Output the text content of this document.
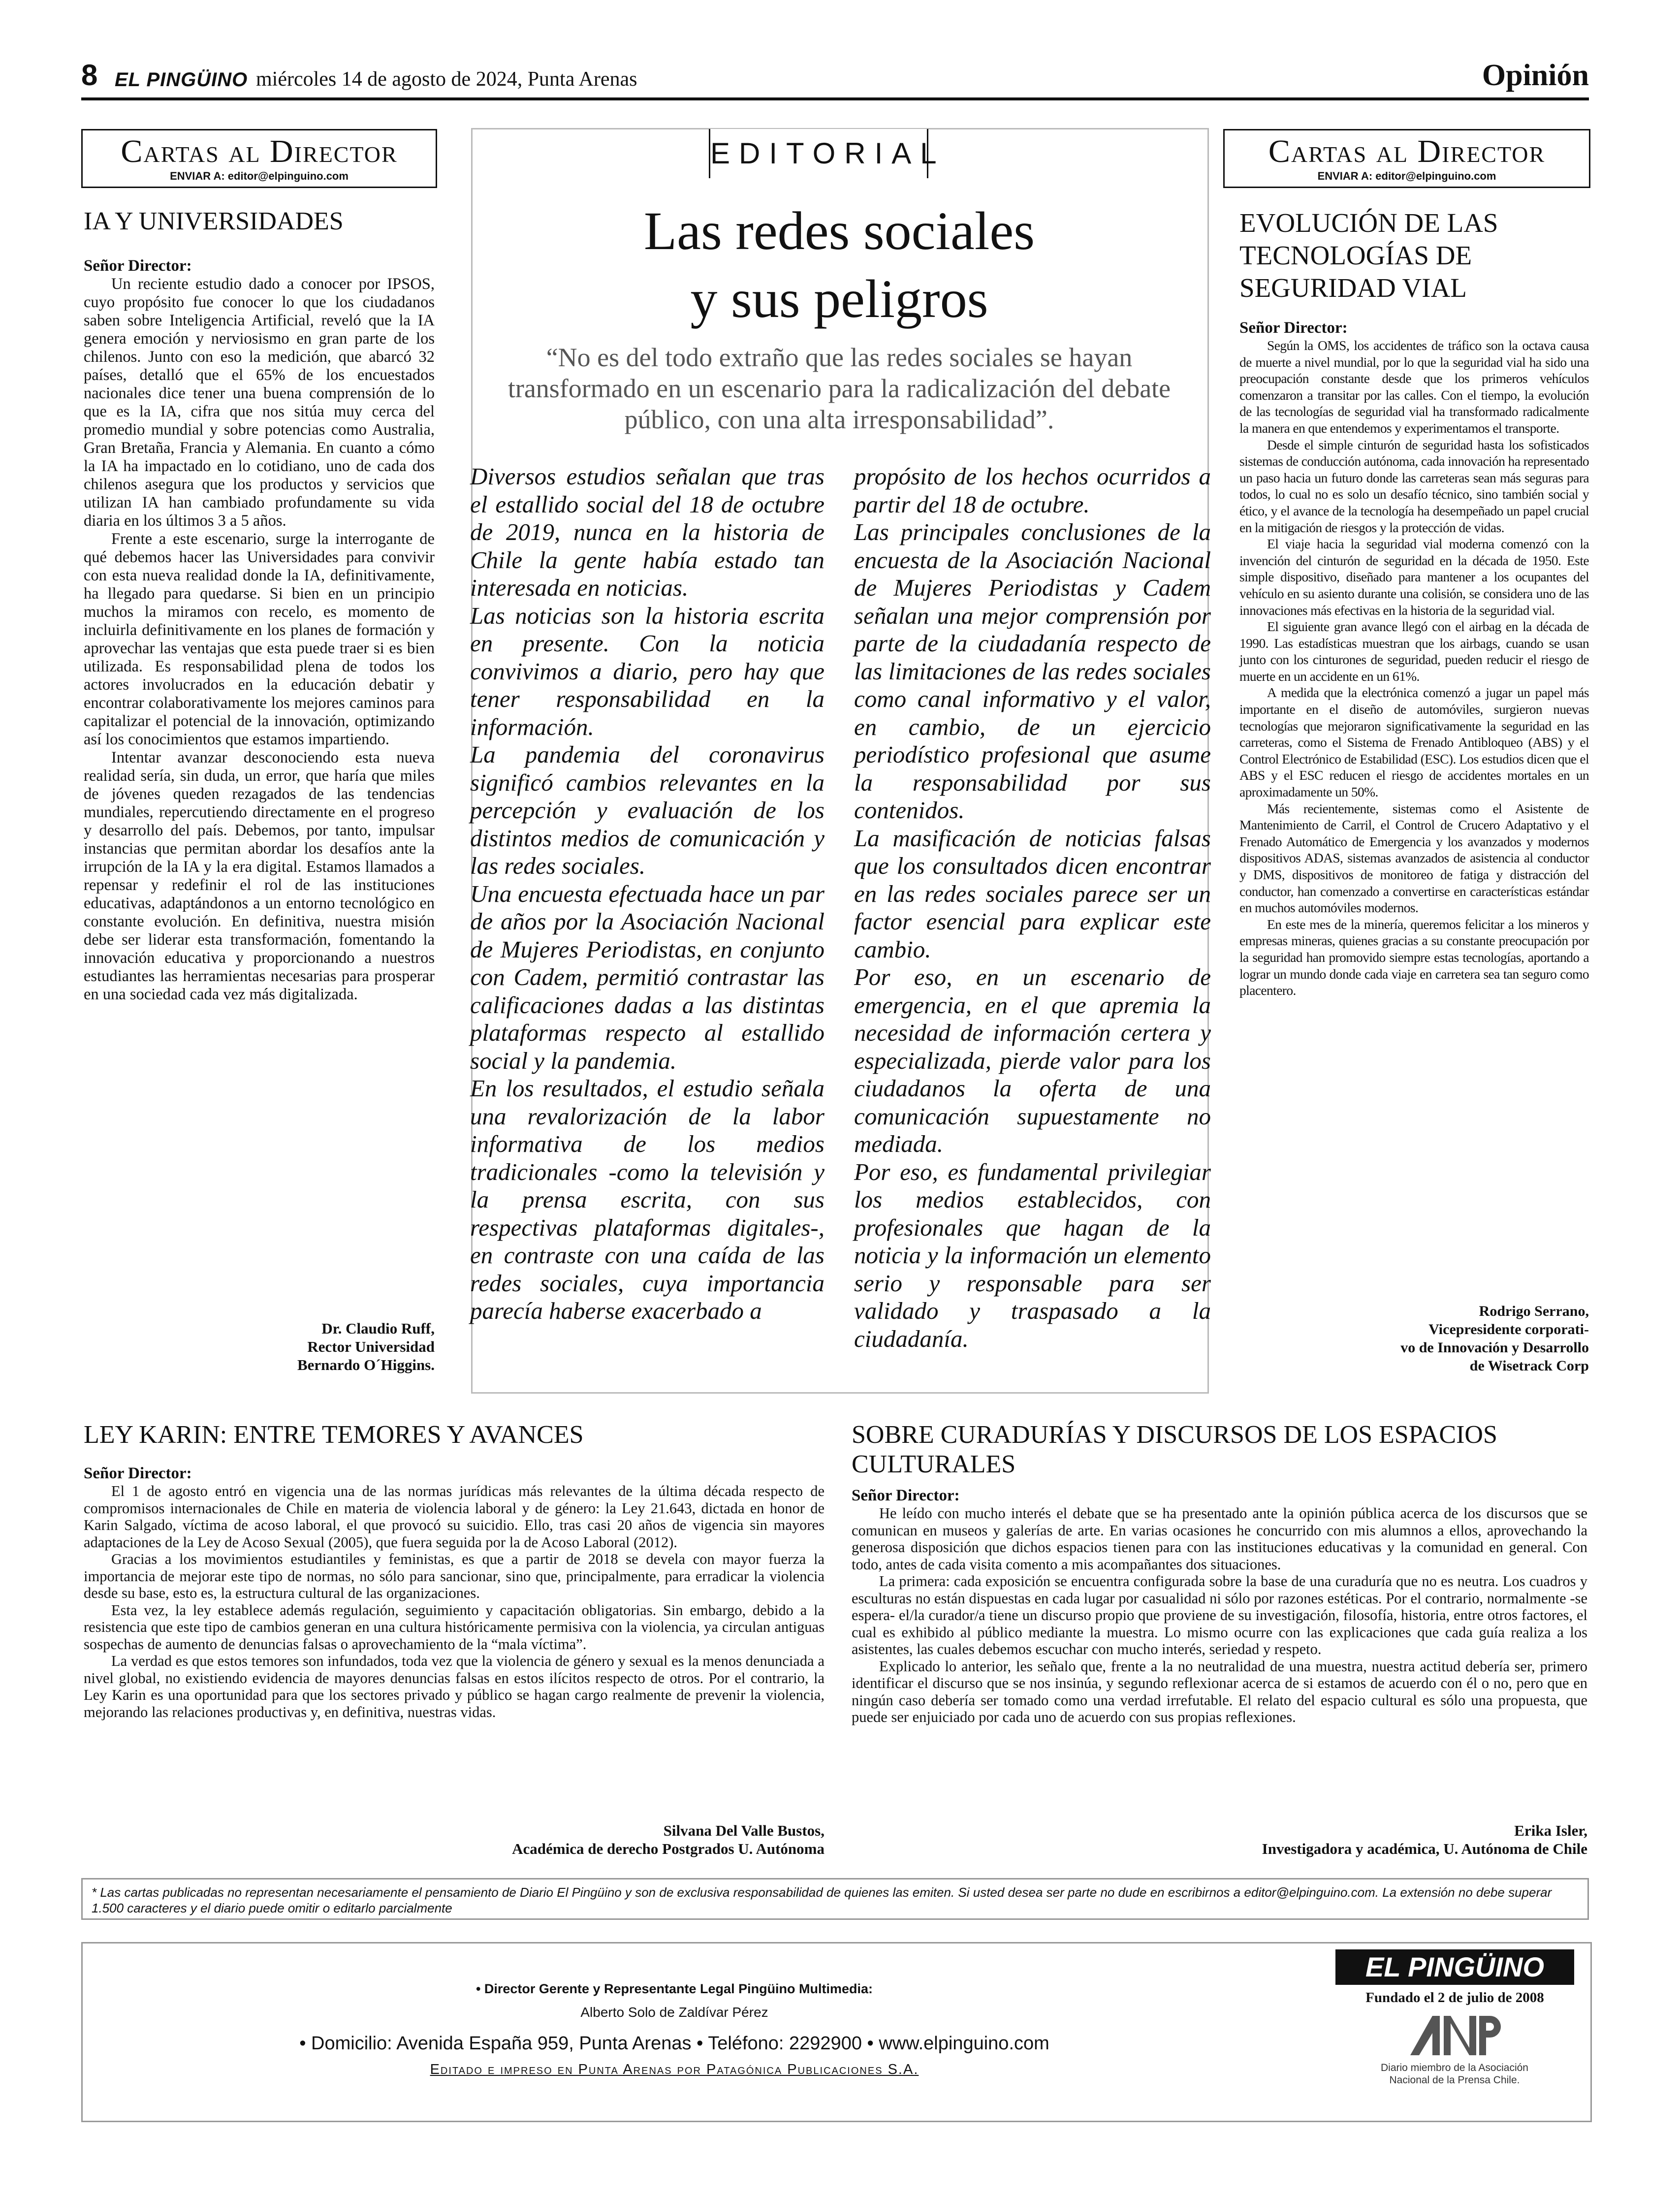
8 EL PINGÜINO miércoles 14 de agosto de 2024, Punta Arenas	Opinión
Cartas al Director
ENVIAR A: editor@elpinguino.com
IA Y UNIVERSIDADES
Señor Director:

Un reciente estudio dado a conocer por IPSOS, cuyo propósito fue conocer lo que los ciudadanos saben sobre Inteligencia Artificial, reveló que la IA genera emoción y nerviosismo en gran parte de los chilenos. Junto con eso la medición, que abarcó 32 países, detalló que el 65% de los encuestados nacionales dice tener una buena comprensión de lo que es la IA, cifra que nos sitúa muy cerca del promedio mundial y sobre potencias como Australia, Gran Bretaña, Francia y Alemania. En cuanto a cómo la IA ha impactado en lo cotidiano, uno de cada dos chilenos asegura que los productos y servicios que utilizan IA han cambiado profundamente su vida diaria en los últimos 3 a 5 años.

Frente a este escenario, surge la interrogante de qué debemos hacer las Universidades para convivir con esta nueva realidad donde la IA, definitivamente, ha llegado para quedarse. Si bien en un principio muchos la miramos con recelo, es momento de incluirla definitivamente en los planes de formación y aprovechar las ventajas que esta puede traer si es bien utilizada. Es responsabilidad plena de todos los actores involucrados en la educación debatir y encontrar colaborativamente los mejores caminos para capitalizar el potencial de la innovación, optimizando así los conocimientos que estamos impartiendo.

Intentar avanzar desconociendo esta nueva realidad sería, sin duda, un error, que haría que miles de jóvenes queden rezagados de las tendencias mundiales, repercutiendo directamente en el progreso y desarrollo del país. Debemos, por tanto, impulsar instancias que permitan abordar los desafíos ante la irrupción de la IA y la era digital. Estamos llamados a repensar y redefinir el rol de las instituciones educativas, adaptándonos a un entorno tecnológico en constante evolución. En definitiva, nuestra misión debe ser liderar esta transformación, fomentando la innovación educativa y proporcionando a nuestros estudiantes las herramientas necesarias para prosperar en una sociedad cada vez más digitalizada.

Dr. Claudio Ruff,
Rector Universidad
Bernardo O´Higgins.
EDITORIAL
Las redes sociales
y sus peligros
“No es del todo extraño que las redes sociales se hayan transformado en un escenario para la radicalización del debate público, con una alta irresponsabilidad”.

Diversos estudios señalan que tras el estallido social del 18 de octubre de 2019, nunca en la historia de Chile la gente había estado tan interesada en noticias.

Las noticias son la historia escrita en presente. Con la noticia convivimos a diario, pero hay que tener responsabilidad en la información.

La pandemia del coronavirus significó cambios relevantes en la percepción y evaluación de los distintos medios de comunicación y las redes sociales.

Una encuesta efectuada hace un par de años por la Asociación Nacional de Mujeres Periodistas, en conjunto con Cadem, permitió contrastar las calificaciones dadas a las distintas plataformas respecto al estallido social y la pandemia.

En los resultados, el estudio señala una revalorización de la labor informativa de los medios tradicionales -como la televisión y la prensa escrita, con sus respectivas plataformas digitales-, en contraste con una caída de las redes sociales, cuya importancia parecía haberse exacerbado a

propósito de los hechos ocurridos a partir del 18 de octubre.

Las principales conclusiones de la encuesta de la Asociación Nacional de Mujeres Periodistas y Cadem señalan una mejor comprensión por parte de la ciudadanía respecto de las limitaciones de las redes sociales como canal informativo y el valor, en cambio, de un ejercicio periodístico profesional que asume la responsabilidad por sus contenidos.

La masificación de noticias falsas que los consultados dicen encontrar en las redes sociales parece ser un factor esencial para explicar este cambio.

Por eso, en un escenario de emergencia, en el que apremia la necesidad de información certera y especializada, pierde valor para los ciudadanos la oferta de una comunicación supuestamente no mediada.

Por eso, es fundamental privilegiar los medios establecidos, con profesionales que hagan de la noticia y la información un elemento serio y responsable para ser validado y traspasado a la ciudadanía.

Cartas al Director
ENVIAR A: editor@elpinguino.com
EVOLUCIÓN DE LAS
TECNOLOGÍAS DE
SEGURIDAD VIAL
Señor Director:

Según la OMS, los accidentes de tráfico son la octava causa de muerte a nivel mundial, por lo que la seguridad vial ha sido una preocupación constante desde que los primeros vehículos comenzaron a transitar por las calles. Con el tiempo, la evolución de las tecnologías de seguridad vial ha transformado radicalmente la manera en que entendemos y experimentamos el transporte.

Desde el simple cinturón de seguridad hasta los sofisticados sistemas de conducción autónoma, cada innovación ha representado un paso hacia un futuro donde las carreteras sean más seguras para todos, lo cual no es solo un desafío técnico, sino también social y ético, y el avance de la tecnología ha desempeñado un papel crucial en la mitigación de riesgos y la protección de vidas.

El viaje hacia la seguridad vial moderna comenzó con la invención del cinturón de seguridad en la década de 1950. Este simple dispositivo, diseñado para mantener a los ocupantes del vehículo en su asiento durante una colisión, se considera uno de las innovaciones más efectivas en la historia de la seguridad vial.

El siguiente gran avance llegó con el airbag en la década de 1990. Las estadísticas muestran que los airbags, cuando se usan junto con los cinturones de seguridad, pueden reducir el riesgo de muerte en un accidente en un 61%.

A medida que la electrónica comenzó a jugar un papel más importante en el diseño de automóviles, surgieron nuevas tecnologías que mejoraron significativamente la seguridad en las carreteras, como el Sistema de Frenado Antibloqueo (ABS) y el Control Electrónico de Estabilidad (ESC). Los estudios dicen que el ABS y el ESC reducen el riesgo de accidentes mortales en un aproximadamente un 50%.

Más recientemente, sistemas como el Asistente de Mantenimiento de Carril, el Control de Crucero Adaptativo y el Frenado Automático de Emergencia y los avanzados y modernos dispositivos ADAS, sistemas avanzados de asistencia al conductor y DMS, dispositivos de monitoreo de fatiga y distracción del conductor, han comenzado a convertirse en características estándar en muchos automóviles modernos.

En este mes de la minería, queremos felicitar a los mineros y empresas mineras, quienes gracias a su constante preocupación por la seguridad han promovido siempre estas tecnologías, aportando a lograr un mundo donde cada viaje en carretera sea tan seguro como placentero.

Rodrigo Serrano,
Vicepresidente corporati-
vo de Innovación y Desarrollo
de Wisetrack Corp
LEY KARIN: ENTRE TEMORES Y AVANCES
Señor Director:

El 1 de agosto entró en vigencia una de las normas jurídicas más relevantes de la última década respecto de compromisos internacionales de Chile en materia de violencia laboral y de género: la Ley 21.643, dictada en honor de Karin Salgado, víctima de acoso laboral, el que provocó su suicidio. Ello, tras casi 20 años de vigencia sin mayores adaptaciones de la Ley de Acoso Sexual (2005), que fuera seguida por la de Acoso Laboral (2012).

Gracias a los movimientos estudiantiles y feministas, es que a partir de 2018 se devela con mayor fuerza la importancia de mejorar este tipo de normas, no sólo para sancionar, sino que, principalmente, para erradicar la violencia desde su base, esto es, la estructura cultural de las organizaciones.

Esta vez, la ley establece además regulación, seguimiento y capacitación obligatorias. Sin embargo, debido a la resistencia que este tipo de cambios generan en una cultura históricamente permisiva con la violencia, ya circulan antiguas sospechas de aumento de denuncias falsas o aprovechamiento de la “mala víctima”.

La verdad es que estos temores son infundados, toda vez que la violencia de género y sexual es la menos denunciada a nivel global, no existiendo evidencia de mayores denuncias falsas en estos ilícitos respecto de otros. Por el contrario, la Ley Karin es una oportunidad para que los sectores privado y público se hagan cargo realmente de prevenir la violencia, mejorando las relaciones productivas y, en definitiva, nuestras vidas.

Silvana Del Valle Bustos,
Académica de derecho Postgrados U. Autónoma
SOBRE CURADURÍAS Y DISCURSOS DE LOS ESPACIOS
CULTURALES
Señor Director:

He leído con mucho interés el debate que se ha presentado ante la opinión pública acerca de los discursos que se comunican en museos y galerías de arte. En varias ocasiones he concurrido con mis alumnos a ellos, aprovechando la generosa disposición que dichos espacios tienen para con las instituciones educativas y la comunidad en general. Con todo, antes de cada visita comento a mis acompañantes dos situaciones.

La primera: cada exposición se encuentra configurada sobre la base de una curaduría que no es neutra. Los cuadros y esculturas no están dispuestas en cada lugar por casualidad ni sólo por razones estéticas. Por el contrario, normalmente -se espera- el/la curador/a tiene un discurso propio que proviene de su investigación, filosofía, historia, entre otros factores, el cual es exhibido al público mediante la muestra. Lo mismo ocurre con las explicaciones que cada guía realiza a los asistentes, las cuales debemos escuchar con mucho interés, seriedad y respeto.

Explicado lo anterior, les señalo que, frente a la no neutralidad de una muestra, nuestra actitud debería ser, primero identificar el discurso que se nos insinúa, y segundo reflexionar acerca de si estamos de acuerdo con él o no, pero que en ningún caso debería ser tomado como una verdad irrefutable. El relato del espacio cultural es sólo una propuesta, que puede ser enjuiciado por cada uno de acuerdo con sus propias reflexiones.

Erika Isler,
Investigadora y académica, U. Autónoma de Chile
* Las cartas publicadas no representan necesariamente el pensamiento de Diario El Pingüino y son de exclusiva responsabilidad de quienes las emiten. Si usted desea ser parte no dude en escribirnos a editor@elpinguino.com. La extensión no debe superar 1.500 caracteres y el diario puede omitir o editarlo parcialmente
• Director Gerente y Representante Legal Pingüino Multimedia:
Alberto Solo de Zaldívar Pérez
• Domicilio: Avenida España 959, Punta Arenas • Teléfono: 2292900 • www.elpinguino.com
Editado e impreso en Punta Arenas por Patagónica Publicaciones S.A.
EL PINGÜINO
Fundado el 2 de julio de 2008
Diario miembro de la Asociación
Nacional de la Prensa Chile.
